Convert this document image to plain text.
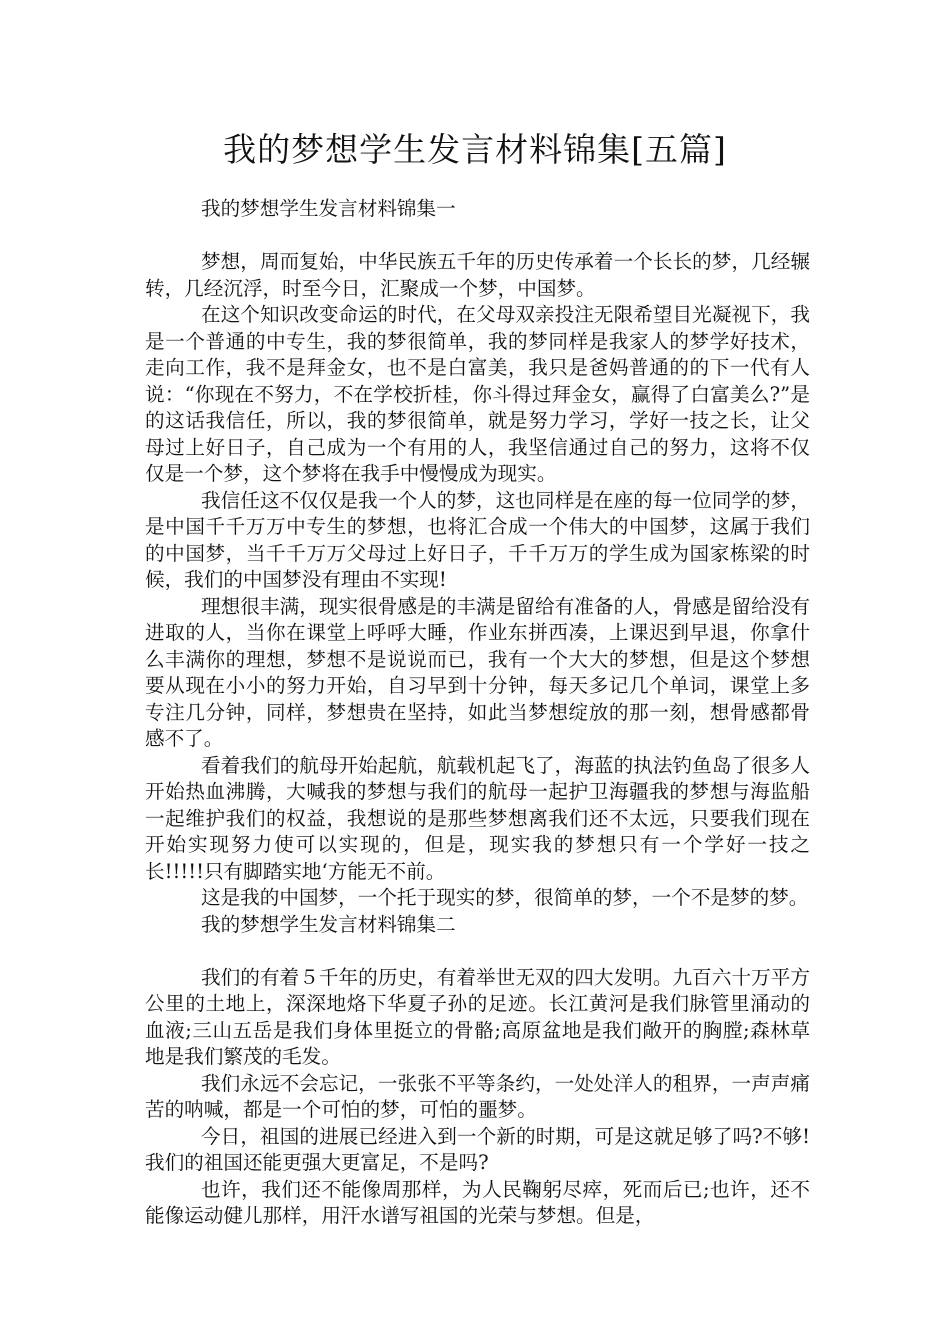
我的梦想学生发言材料锦集[五篇]

我的梦想学生发言材料锦集一

梦想，周而复始，中华民族五千年的历史传承着一个长长的梦，几经辗转，几经沉浮，时至今日，汇聚成一个梦，中国梦。

在这个知识改变命运的时代，在父母双亲投注无限希望目光凝视下，我是一个普通的中专生，我的梦很简单，我的梦同样是我家人的梦学好技术，走向工作，我不是拜金女，也不是白富美，我只是爸妈普通的的下一代有人说：“你现在不努力，不在学校折桂，你斗得过拜金女，赢得了白富美么?”是的这话我信任，所以，我的梦很简单，就是努力学习，学好一技之长，让父母过上好日子，自己成为一个有用的人，我坚信通过自己的努力，这将不仅仅是一个梦，这个梦将在我手中慢慢成为现实。

我信任这不仅仅是我一个人的梦，这也同样是在座的每一位同学的梦，是中国千千万万中专生的梦想，也将汇合成一个伟大的中国梦，这属于我们的中国梦，当千千万万父母过上好日子，千千万万的学生成为国家栋梁的时候，我们的中国梦没有理由不实现!

理想很丰满，现实很骨感是的丰满是留给有准备的人，骨感是留给没有进取的人，当你在课堂上呼呼大睡，作业东拼西凑，上课迟到早退，你拿什么丰满你的理想，梦想不是说说而已，我有一个大大的梦想，但是这个梦想要从现在小小的努力开始，自习早到十分钟，每天多记几个单词，课堂上多专注几分钟，同样，梦想贵在坚持，如此当梦想绽放的那一刻，想骨感都骨感不了。

看着我们的航母开始起航，航载机起飞了，海蓝的执法钓鱼岛了很多人开始热血沸腾，大喊我的梦想与我们的航母一起护卫海疆我的梦想与海监船一起维护我们的权益，我想说的是那些梦想离我们还不太远，只要我们现在开始实现努力使可以实现的，但是，现实我的梦想只有一个学好一技之长!!!!!只有脚踏实地‘方能无不前。

这是我的中国梦，一个托于现实的梦，很简单的梦，一个不是梦的梦。

我的梦想学生发言材料锦集二

我们的有着５千年的历史，有着举世无双的四大发明。九百六十万平方公里的土地上，深深地烙下华夏子孙的足迹。长江黄河是我们脉管里涌动的血液;三山五岳是我们身体里挺立的骨骼;高原盆地是我们敞开的胸膛;森林草地是我们繁茂的毛发。

我们永远不会忘记，一张张不平等条约，一处处洋人的租界，一声声痛苦的呐喊，都是一个可怕的梦，可怕的噩梦。

今日，祖国的进展已经进入到一个新的时期，可是这就足够了吗?不够!我们的祖国还能更强大更富足，不是吗?

也许，我们还不能像周那样，为人民鞠躬尽瘁，死而后已;也许，还不能像运动健儿那样，用汗水谱写祖国的光荣与梦想。但是，
